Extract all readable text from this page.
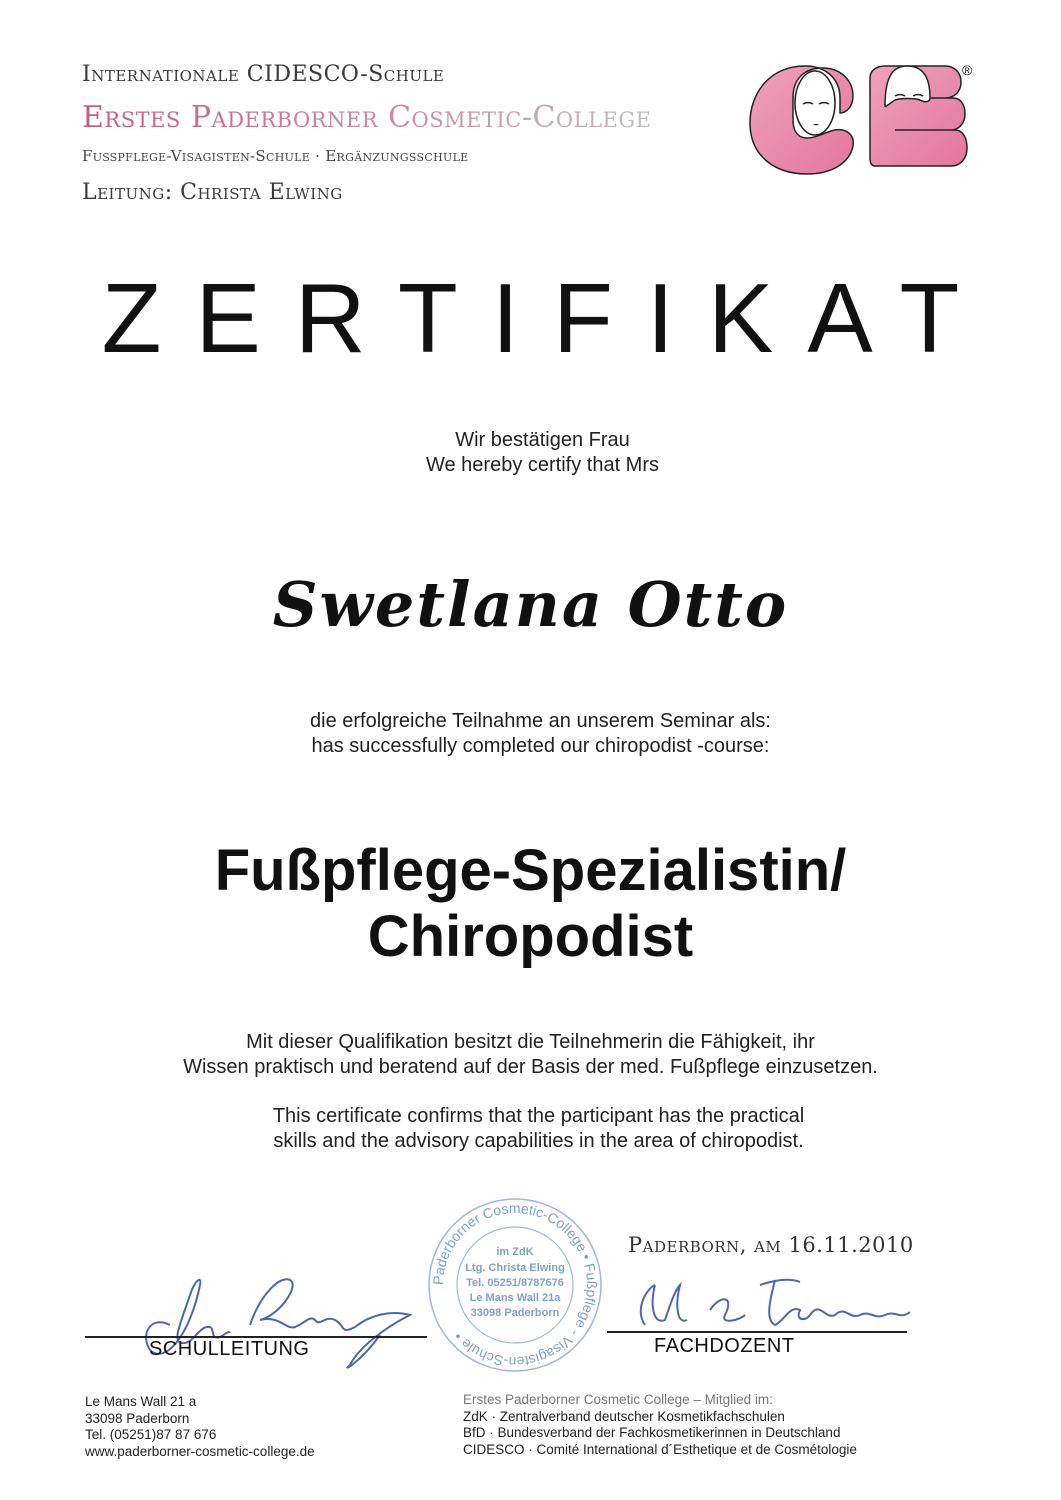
Internationale CIDESCO-Schule
Erstes Paderborner Cosmetic-College
Fußpflege-Visagisten-Schule · Ergänzungsschule
Leitung: Christa Elwing
®
ZERTIFIKAT
Wir bestätigen Frau
We hereby certify that Mrs
Swetlana Otto
die erfolgreiche Teilnahme an unserem Seminar als:
has successfully completed our chiropodist -course:
Fußpflege-Spezialistin/
Chiropodist
Mit dieser Qualifikation besitzt die Teilnehmerin die Fähigkeit, ihr
Wissen praktisch und beratend auf der Basis der med. Fußpflege einzusetzen.
This certificate confirms that the participant has the practical
skills and the advisory capabilities in the area of chiropodist.
Paderborner Cosmetic-College • Fußpflege - Visagisten-Schule •
im ZdK
Ltg. Christa Elwing
Tel. 05251/8787676
Le Mans Wall 21a
33098 Paderborn
SCHULLEITUNG
Paderborn, am 16.11.2010
FACHDOZENT
Le Mans Wall 21 a
33098 Paderborn
Tel. (05251)87 87 676
www.paderborner-cosmetic-college.de
Erstes Paderborner Cosmetic College – Mitglied im:
ZdK · Zentralverband deutscher Kosmetikfachschulen
BfD · Bundesverband der Fachkosmetikerinnen in Deutschland
CIDESCO · Comité International d´Esthetique et de Cosmétologie
